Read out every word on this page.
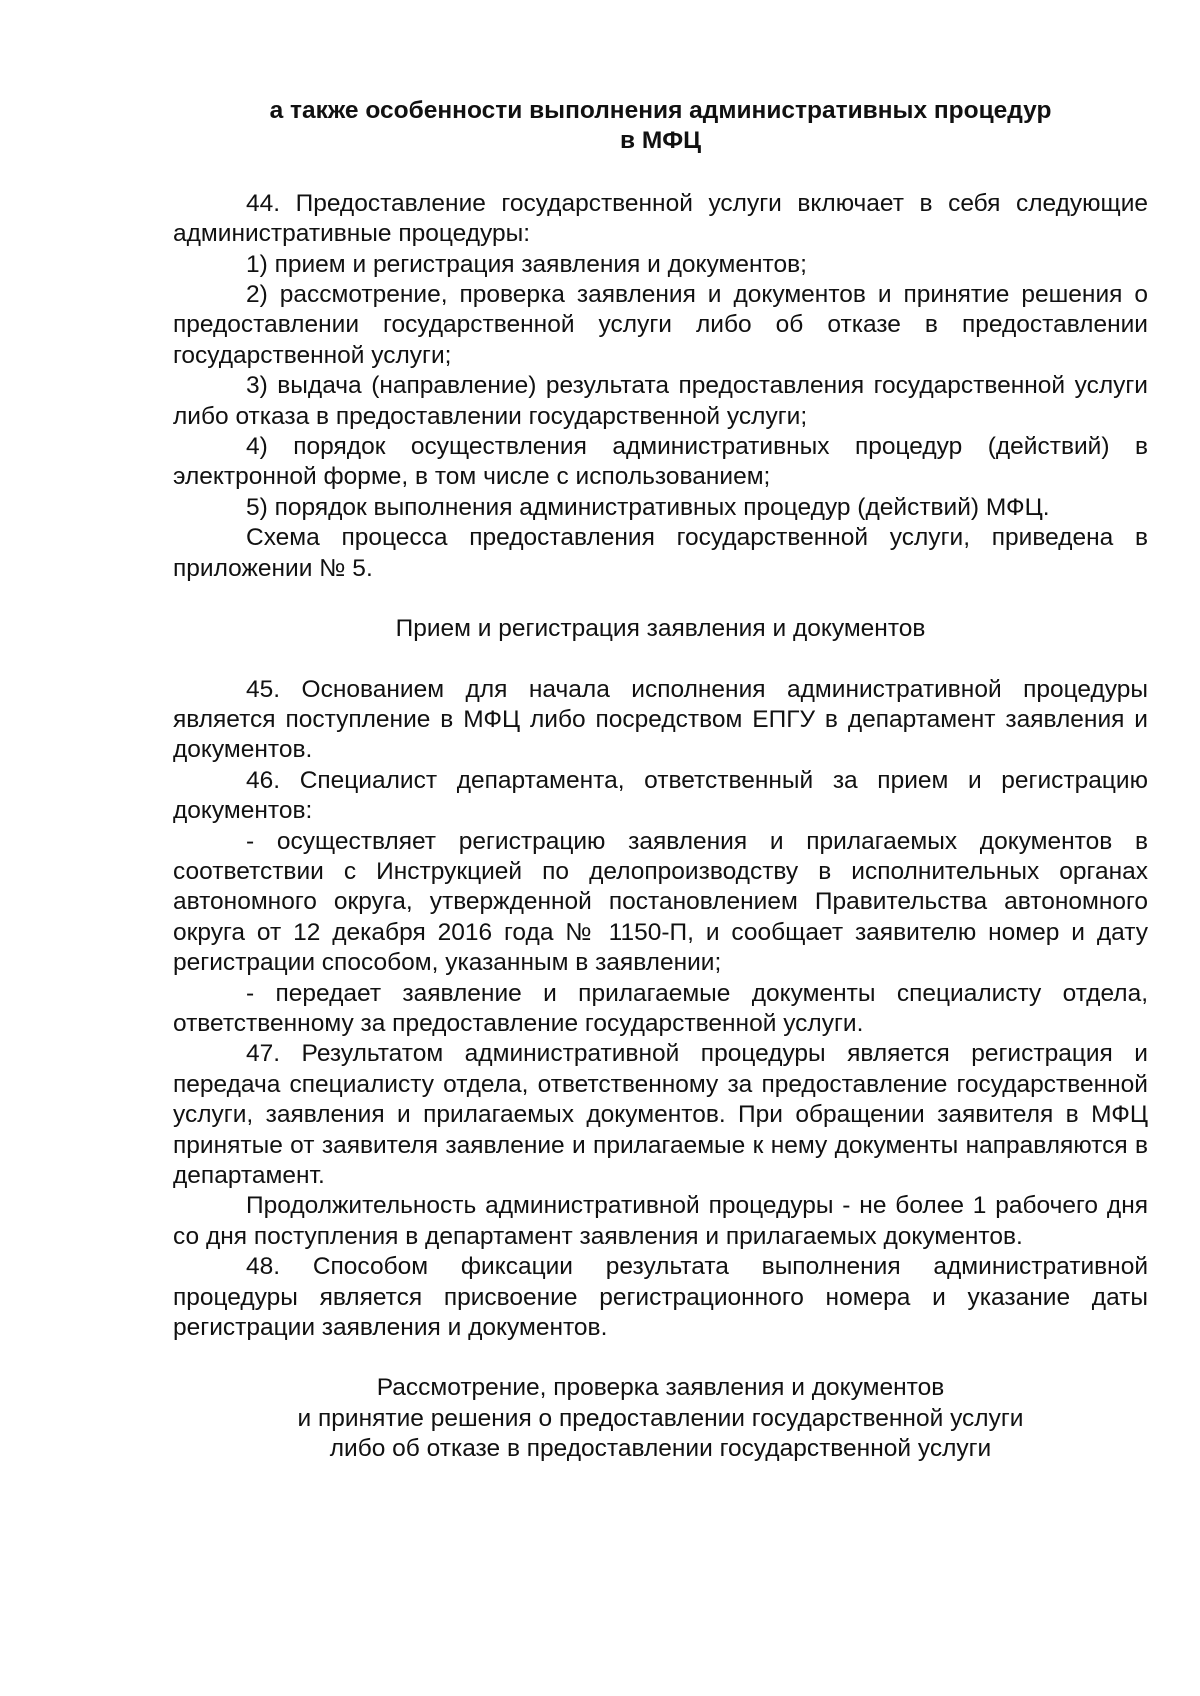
а также особенности выполнения административных процедур
в МФЦ

44. Предоставление государственной услуги включает в себя следующие административные процедуры:

1) прием и регистрация заявления и документов;

2) рассмотрение, проверка заявления и документов и принятие решения о предоставлении государственной услуги либо об отказе в предоставлении государственной услуги;

3) выдача (направление) результата предоставления государственной услуги либо отказа в предоставлении государственной услуги;

4) порядок осуществления административных процедур (действий) в электронной форме, в том числе с использованием;

5) порядок выполнения административных процедур (действий) МФЦ.

Схема процесса предоставления государственной услуги, приведена в приложении № 5.

Прием и регистрация заявления и документов

45. Основанием для начала исполнения административной процедуры является поступление в МФЦ либо посредством ЕПГУ в департамент заявления и документов.

46. Специалист департамента, ответственный за прием и регистрацию документов:

- осуществляет регистрацию заявления и прилагаемых документов в соответствии с Инструкцией по делопроизводству в исполнительных органах автономного округа, утвержденной постановлением Правительства автономного округа от 12 декабря 2016 года № 1150-П, и сообщает заявителю номер и дату регистрации способом, указанным в заявлении;

- передает заявление и прилагаемые документы специалисту отдела, ответственному за предоставление государственной услуги.

47. Результатом административной процедуры является регистрация и передача специалисту отдела, ответственному за предоставление государственной услуги, заявления и прилагаемых документов. При обращении заявителя в МФЦ принятые от заявителя заявление и прилагаемые к нему документы направляются в департамент.

Продолжительность административной процедуры - не более 1 рабочего дня со дня поступления в департамент заявления и прилагаемых документов.

48. Способом фиксации результата выполнения административной процедуры является присвоение регистрационного номера и указание даты регистрации заявления и документов.

Рассмотрение, проверка заявления и документов
и принятие решения о предоставлении государственной услуги
либо об отказе в предоставлении государственной услуги
